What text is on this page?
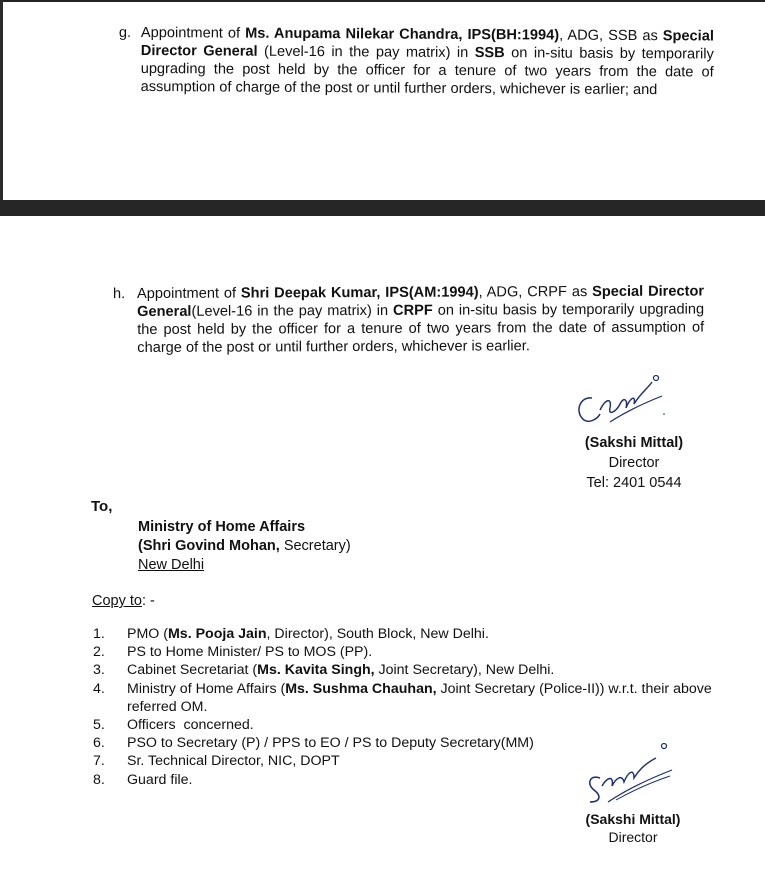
g. Appointment of Ms. Anupama Nilekar Chandra, IPS(BH:1994), ADG, SSB as Special Director General (Level-16 in the pay matrix) in SSB on in-situ basis by temporarily upgrading the post held by the officer for a tenure of two years from the date of assumption of charge of the post or until further orders, whichever is earlier; and
h. Appointment of Shri Deepak Kumar, IPS(AM:1994), ADG, CRPF as Special Director General(Level-16 in the pay matrix) in CRPF on in-situ basis by temporarily upgrading the post held by the officer for a tenure of two years from the date of assumption of charge of the post or until further orders, whichever is earlier.
(Sakshi Mittal)
Director
Tel: 2401 0544
To,
Ministry of Home Affairs
(Shri Govind Mohan, Secretary)
New Delhi
Copy to: -
1. PMO (Ms. Pooja Jain, Director), South Block, New Delhi.
2. PS to Home Minister/ PS to MOS (PP).
3. Cabinet Secretariat (Ms. Kavita Singh, Joint Secretary), New Delhi.
4. Ministry of Home Affairs (Ms. Sushma Chauhan, Joint Secretary (Police-II)) w.r.t. their above referred OM.
5. Officers  concerned.
6. PSO to Secretary (P) / PPS to EO / PS to Deputy Secretary(MM)
7. Sr. Technical Director, NIC, DOPT
8. Guard file.
(Sakshi Mittal)
Director
